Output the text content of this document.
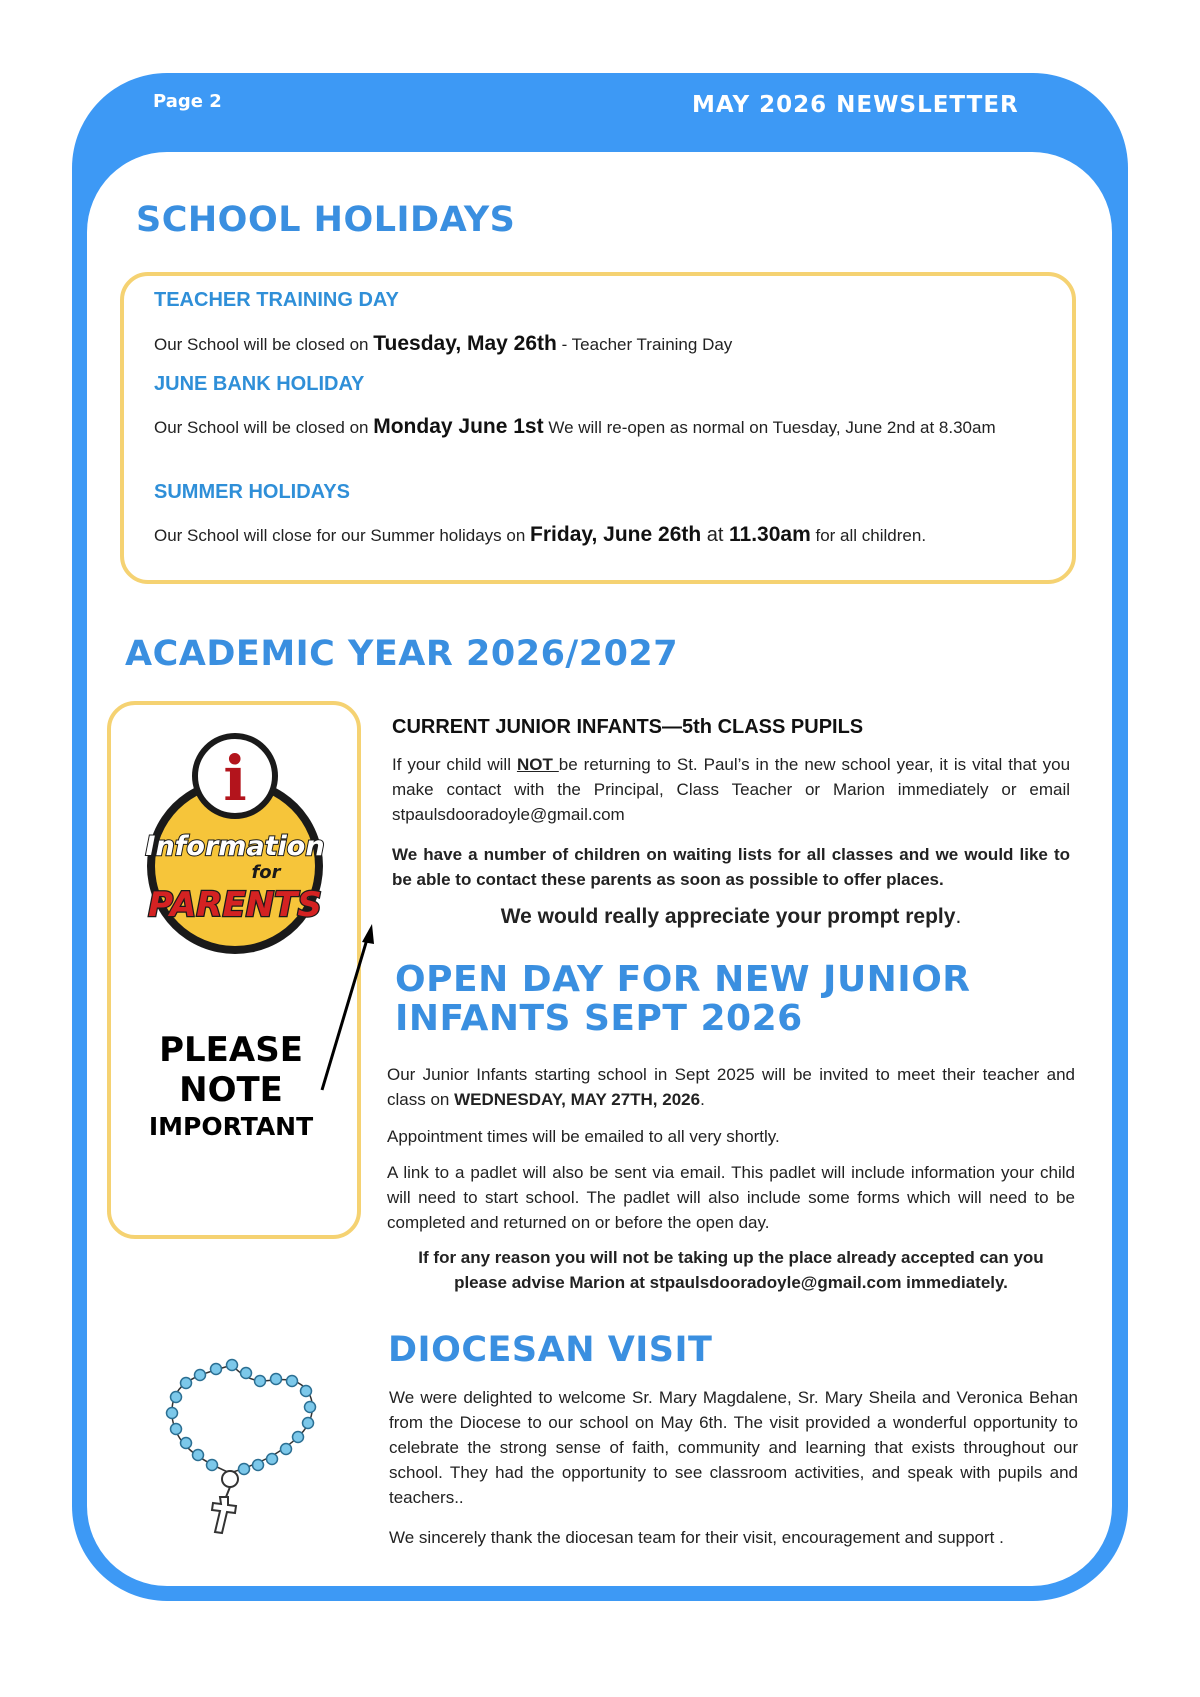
Page 2	MAY 2026 NEWSLETTER
SCHOOL HOLIDAYS
TEACHER TRAINING DAY

Our School will be closed on Tuesday, May 26th - Teacher Training Day

JUNE BANK HOLIDAY

Our School will be closed on Monday June 1st We will re-open as normal on Tuesday, June 2nd at 8.30am

SUMMER HOLIDAYS

Our School will close for our Summer holidays on Friday, June 26th at 11.30am for all children.

ACADEMIC YEAR 2026/2027
i
Information
for
PARENTS
PLEASE
NOTE
IMPORTANT
CURRENT JUNIOR INFANTS—5th CLASS PUPILS

If your child will NOT be returning to St. Paul’s in the new school year, it is vital that you make contact with the Principal, Class Teacher or Marion immediately or email stpaulsdooradoyle@gmail.com

We have a number of children on waiting lists for all classes and we would like to be able to contact these parents as soon as possible to offer places.

We would really appreciate your prompt reply.

OPEN DAY FOR NEW JUNIOR
INFANTS SEPT 2026

Our Junior Infants starting school in Sept 2025 will be invited to meet their teacher and class on WEDNESDAY, MAY 27TH, 2026.

Appointment times will be emailed to all very shortly.

A link to a padlet will also be sent via email. This padlet will include information your child will need to start school. The padlet will also include some forms which will need to be completed and returned on or before the open day.

If for any reason you will not be taking up the place already accepted can you please advise Marion at stpaulsdooradoyle@gmail.com immediately.

DIOCESAN VISIT

We were delighted to welcome Sr. Mary Magdalene, Sr. Mary Sheila and Veronica Behan from the Diocese to our school on May 6th. The visit provided a wonderful opportunity to celebrate the strong sense of faith, community and learning that exists throughout our school. They had the opportunity to see classroom activities, and speak with pupils and teachers..

We sincerely thank the diocesan team for their visit, encouragement and support .
